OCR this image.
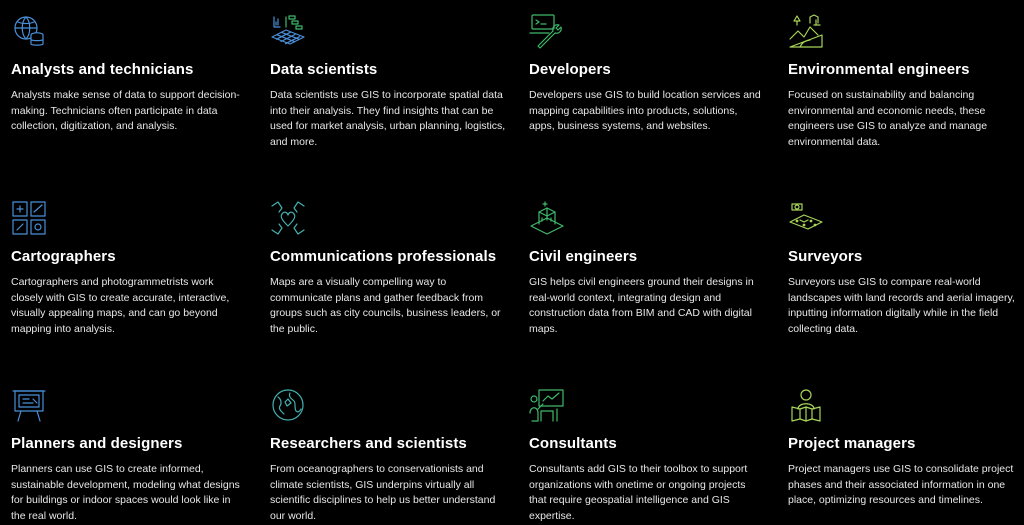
Analysts and technicians

Analysts make sense of data to support decision-making. Technicians often participate in data collection, digitization, and analysis.

Data scientists

Data scientists use GIS to incorporate spatial data into their analysis. They find insights that can be used for market analysis, urban planning, logistics, and more.

Developers

Developers use GIS to build location services and mapping capabilities into products, solutions, apps, business systems, and websites.

Environmental engineers

Focused on sustainability and balancing environmental and economic needs, these engineers use GIS to analyze and manage environmental data.

Cartographers

Cartographers and photogrammetrists work closely with GIS to create accurate, interactive, visually appealing maps, and can go beyond mapping into analysis.

Communications professionals

Maps are a visually compelling way to communicate plans and gather feedback from groups such as city councils, business leaders, or the public.

Civil engineers

GIS helps civil engineers ground their designs in real-world context, integrating design and construction data from BIM and CAD with digital maps.

Surveyors

Surveyors use GIS to compare real-world landscapes with land records and aerial imagery, inputting information digitally while in the field collecting data.

Planners and designers

Planners can use GIS to create informed, sustainable development, modeling what designs for buildings or indoor spaces would look like in the real world.

Researchers and scientists

From oceanographers to conservationists and climate scientists, GIS underpins virtually all scientific disciplines to help us better understand our world.

Consultants

Consultants add GIS to their toolbox to support organizations with onetime or ongoing projects that require geospatial intelligence and GIS expertise.

Project managers

Project managers use GIS to consolidate project phases and their associated information in one place, optimizing resources and timelines.
